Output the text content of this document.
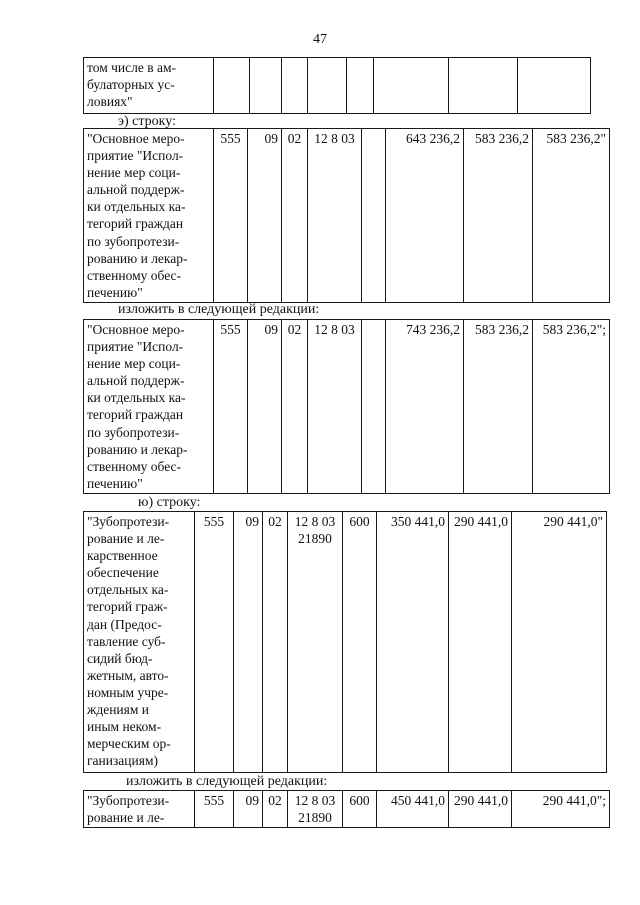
47
том числе в ам-
булаторных ус-
ловиях"

э) строку:
"Основное меро-
приятие "Испол-
нение мер соци-
альной поддерж-
ки отдельных ка-
тегорий граждан
по зубопротези-
рованию и лекар-
ственному обес-
печению"
	555	09	02	12 8 03		643 236,2	583 236,2	583 236,2"
изложить в следующей редакции:
"Основное меро-
приятие "Испол-
нение мер соци-
альной поддерж-
ки отдельных ка-
тегорий граждан
по зубопротези-
рованию и лекар-
ственному обес-
печению"
	555	09	02	12 8 03		743 236,2	583 236,2	583 236,2";
ю) строку:
"Зубопротези-
рование и ле-
карственное
обеспечение
отдельных ка-
тегорий граж-
дан (Предос-
тавление суб-
сидий бюд-
жетным, авто-
номным учре-
ждениям и
иным неком-
мерческим ор-
ганизациям)
	555	09	02	12 8 03
21890
	600	350 441,0	290 441,0	290 441,0"
изложить в следующей редакции:
"Зубопротези-
рование и ле-
	555	09	02	12 8 03
21890
	600	450 441,0	290 441,0	290 441,0";
